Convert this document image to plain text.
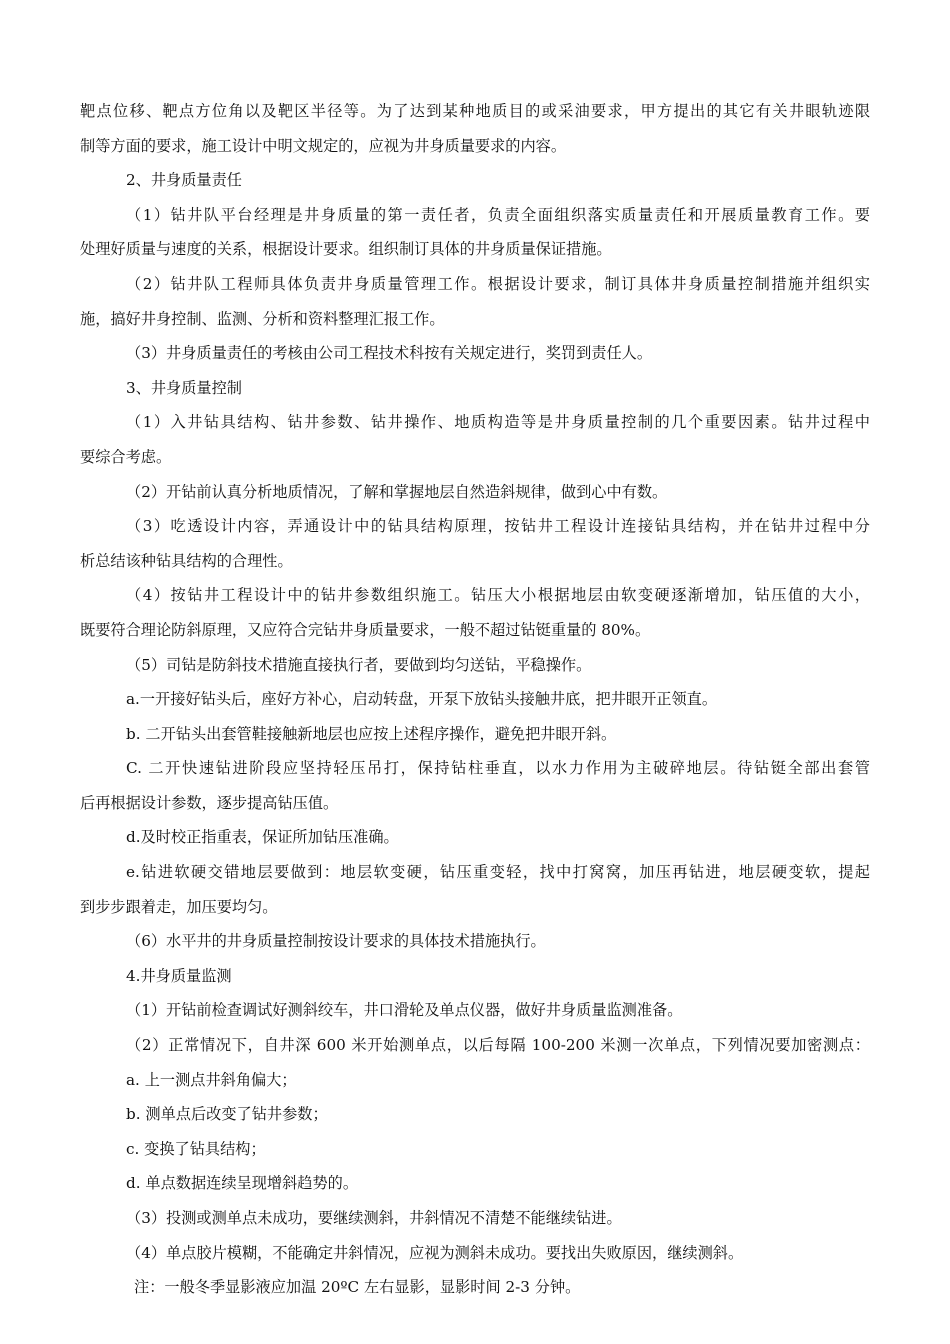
靶点位移、靶点方位角以及靶区半径等。为了达到某种地质目的或采油要求，甲方提出的其它有关井眼轨迹限
制等方面的要求，施工设计中明文规定的，应视为井身质量要求的内容。
2、井身质量责任
（1）钻井队平台经理是井身质量的第一责任者，负责全面组织落实质量责任和开展质量教育工作。要
处理好质量与速度的关系，根据设计要求。组织制订具体的井身质量保证措施。
（2）钻井队工程师具体负责井身质量管理工作。根据设计要求，制订具体井身质量控制措施并组织实
施，搞好井身控制、监测、分析和资料整理汇报工作。
（3）井身质量责任的考核由公司工程技术科按有关规定进行，奖罚到责任人。
3、井身质量控制
（1）入井钻具结构、钻井参数、钻井操作、地质构造等是井身质量控制的几个重要因素。钻井过程中
要综合考虑。
（2）开钻前认真分析地质情况，了解和掌握地层自然造斜规律，做到心中有数。
（3）吃透设计内容，弄通设计中的钻具结构原理，按钻井工程设计连接钻具结构，并在钻井过程中分
析总结该种钻具结构的合理性。
（4）按钻井工程设计中的钻井参数组织施工。钻压大小根据地层由软变硬逐渐增加，钻压值的大小，
既要符合理论防斜原理，又应符合完钻井身质量要求，一般不超过钻铤重量的 80%。
（5）司钻是防斜技术措施直接执行者，要做到均匀送钻，平稳操作。
a.一开接好钻头后，座好方补心，启动转盘，开泵下放钻头接触井底，把井眼开正领直。
b. 二开钻头出套管鞋接触新地层也应按上述程序操作，避免把井眼开斜。
C. 二开快速钻进阶段应坚持轻压吊打，保持钻柱垂直，以水力作用为主破碎地层。待钻铤全部出套管
后再根据设计参数，逐步提高钻压值。
d.及时校正指重表，保证所加钻压准确。
e.钻进软硬交错地层要做到：地层软变硬，钻压重变轻，找中打窝窝，加压再钻进，地层硬变软，提起
到步步跟着走，加压要均匀。
（6）水平井的井身质量控制按设计要求的具体技术措施执行。
4.井身质量监测
（1）开钻前检查调试好测斜绞车，井口滑轮及单点仪器，做好井身质量监测准备。
（2）正常情况下，自井深 600 米开始测单点，以后每隔 100-200 米测一次单点，下列情况要加密测点：
a. 上一测点井斜角偏大；
b. 测单点后改变了钻井参数；
c. 变换了钻具结构；
d. 单点数据连续呈现增斜趋势的。
（3）投测或测单点未成功，要继续测斜，井斜情况不清楚不能继续钻进。
（4）单点胶片模糊，不能确定井斜情况，应视为测斜未成功。要找出失败原因，继续测斜。
注：一般冬季显影液应加温 20ºC 左右显影，显影时间 2-3 分钟。
